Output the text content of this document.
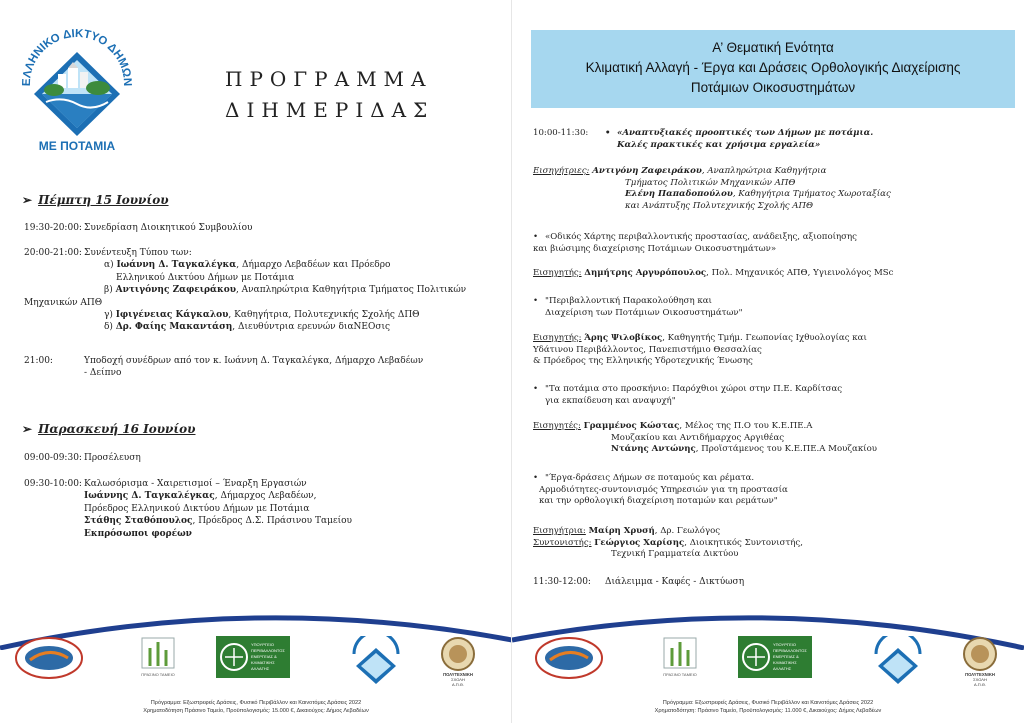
ΕΛΛΗΝΙΚΟ ΔΙΚΤΥΟ ΔΗΜΩΝ
ΜΕ ΠΟΤΑΜΙΑ
ΠΡΟΓΡΑΜΜΑ
ΔΙΗΜΕΡΙΔΑΣ
➢ Πέμπτη 15 Ιουνίου
19:30-20:00: Συνεδρίαση Διοικητικού Συμβουλίου
20:00-21:00: Συνέντευξη Τύπου των:
α) Ιωάννη Δ. Ταγκαλέγκα, Δήμαρχο Λεβαδέων και Πρόεδρο
Ελληνικού Δικτύου Δήμων με Ποτάμια
β) Αντιγόνης Ζαφειράκου, Αναπληρώτρια Καθηγήτρια Τμήματος Πολιτικών
Μηχανικών ΑΠΘ
γ) Ιφιγένειας Κάγκαλου, Καθηγήτρια, Πολυτεχνικής Σχολής ΔΠΘ
δ) Δρ. Φαίης Μακαντάση, Διευθύντρια ερευνών διαΝΕΟσις
21:00:	Υποδοχή συνέδρων από τον κ. Ιωάννη Δ. Ταγκαλέγκα, Δήμαρχο Λεβαδέων
- Δείπνο
➢ Παρασκευή 16 Ιουνίου
09:00-09:30: Προσέλευση
09:30-10:00: Καλωσόρισμα - Χαιρετισμοί – Έναρξη Εργασιών
Ιωάννης Δ. Ταγκαλέγκας, Δήμαρχος Λεβαδέων,
Πρόεδρος Ελληνικού Δικτύου Δήμων με Ποτάμια
Στάθης Σταθόπουλος, Πρόεδρος Δ.Σ. Πράσινου Ταμείου
Εκπρόσωποι φορέων
ΠΡΑΣΙΝΟ ΤΑΜΕΙΟ
ΥΠΟΥΡΓΕΙΟ
ΠΕΡΙΒΑΛΛΟΝΤΟΣ
ΕΝΕΡΓΕΙΑΣ &
ΚΛΙΜΑΤΙΚΗΣ
ΑΛΛΑΓΗΣ
ΠΟΛΥΤΕΧΝΙΚΗ
ΣΧΟΛΗ
Α.Π.Θ.
Πρόγραμμα: Εξωστρεφείς Δράσεις, Φυσικό Περιβάλλον και Καινοτόμες Δράσεις 2022
Χρηματοδότηση Πράσινο Ταμείο, Προϋπολογισμός: 15.000 €, Δικαιούχος: Δήμος Λεβαδέων
Α’ Θεματική Ενότητα
Κλιματική Αλλαγή - Έργα και Δράσεις Ορθολογικής Διαχείρισης
Ποτάμιων Οικοσυστημάτων
10:00-11:30: • «Αναπτυξιακές προοπτικές των Δήμων με ποτάμια.
Καλές πρακτικές και χρήσιμα εργαλεία»
Εισηγήτριες: Αντιγόνη Ζαφειράκου, Αναπληρώτρια Καθηγήτρια
Τμήματος Πολιτικών Μηχανικών ΑΠΘ
Ελένη Παπαδοπούλου, Καθηγήτρια Τμήματος Χωροταξίας
και Ανάπτυξης Πολυτεχνικής Σχολής ΑΠΘ
• «Οδικός Χάρτης περιβαλλοντικής προστασίας, ανάδειξης, αξιοποίησης
και βιώσιμης διαχείρισης Ποτάμιων Οικοσυστημάτων»
Εισηγητής: Δημήτρης Αργυρόπουλος, Πολ. Μηχανικός ΑΠΘ, Υγιεινολόγος MSc
• "Περιβαλλοντική Παρακολούθηση και
Διαχείριση των Ποτάμιων Οικοσυστημάτων"
Εισηγητής: Άρης Ψιλοβίκος, Καθηγητής Τμήμ. Γεωπονίας Ιχθυολογίας και
Υδάτινου Περιβάλλοντος, Πανεπιστήμιο Θεσσαλίας
& Πρόεδρος της Ελληνικής Υδροτεχνικής Ένωσης
• "Τα ποτάμια στο προσκήνιο: Παρόχθιοι χώροι στην Π.Ε. Καρδίτσας
για εκπαίδευση και αναψυχή"
Εισηγητές: Γραμμένος Κώστας, Μέλος της Π.Ο του Κ.Ε.ΠΕ.Α
Μουζακίου και Αντιδήμαρχος Αργιθέας
Ντάνης Αντώνης, Προϊστάμενος του Κ.Ε.ΠΕ.Α Μουζακίου
• "Έργα-δράσεις Δήμων σε ποταμούς και ρέματα.
Αρμοδιότητες-συντονισμός Υπηρεσιών για τη προστασία
και την ορθολογική διαχείριση ποταμών και ρεμάτων"
Εισηγήτρια: Μαίρη Χρυσή, Δρ. Γεωλόγος
Συντονιστής: Γεώργιος Χαρίσης, Διοικητικός Συντονιστής,
Τεχνική Γραμματεία Δικτύου
11:30-12:00: Διάλειμμα - Καφές - Δικτύωση
ΠΡΑΣΙΝΟ ΤΑΜΕΙΟ
ΥΠΟΥΡΓΕΙΟ
ΠΕΡΙΒΑΛΛΟΝΤΟΣ
ΕΝΕΡΓΕΙΑΣ &
ΚΛΙΜΑΤΙΚΗΣ
ΑΛΛΑΓΗΣ
ΠΟΛΥΤΕΧΝΙΚΗ
ΣΧΟΛΗ
Α.Π.Θ.
Πρόγραμμα: Εξωστρεφείς Δράσεις, Φυσικό Περιβάλλον και Καινοτόμες Δράσεις 2022
Χρηματοδότηση: Πράσινο Ταμείο, Προϋπολογισμός: 11.000 €, Δικαιούχος: Δήμος Λεβαδέων
